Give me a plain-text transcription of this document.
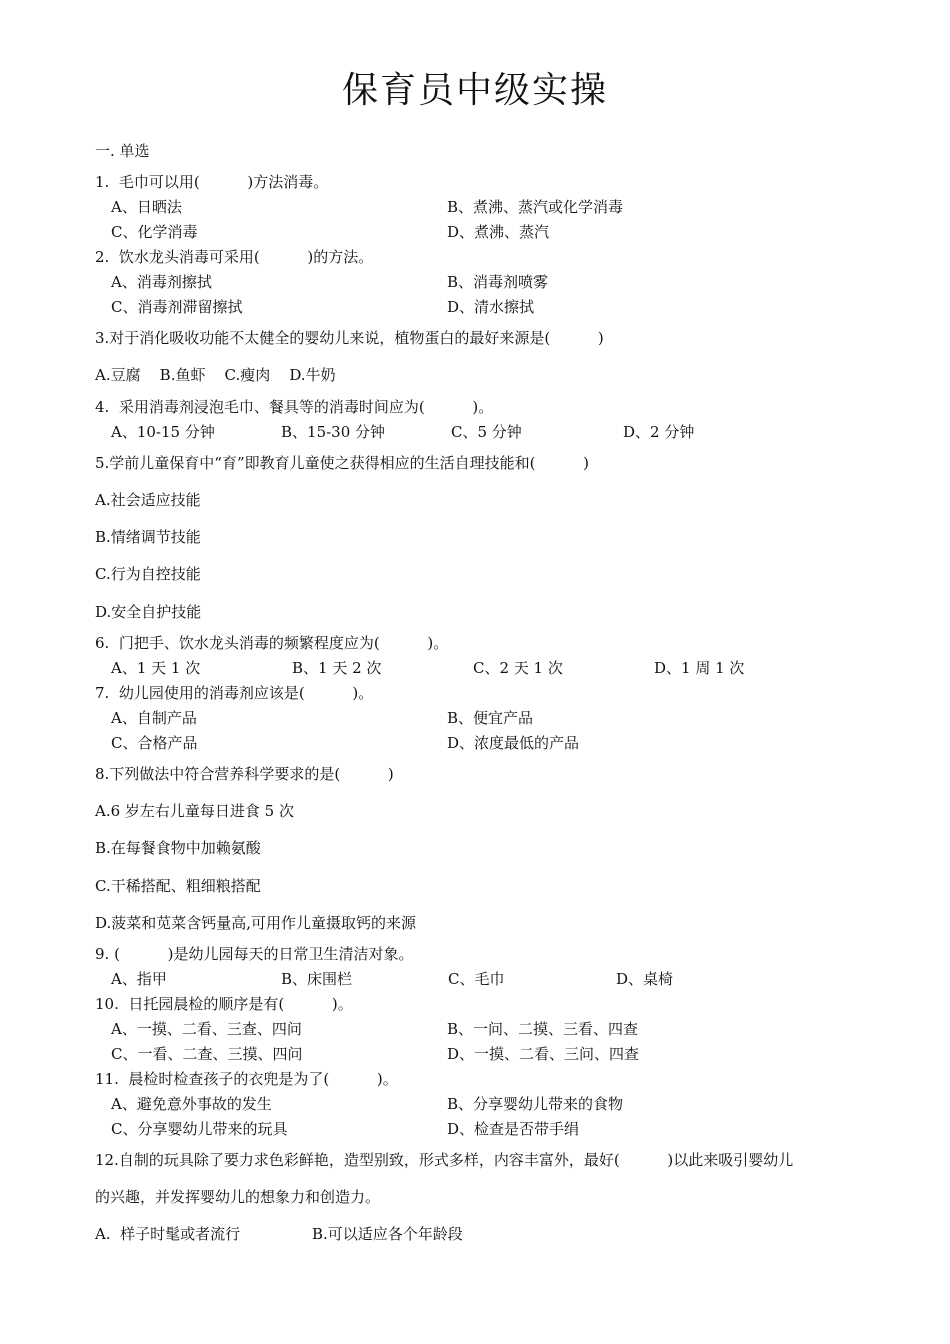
保育员中级实操
一. 单选
1.  毛巾可以用(          )方法消毒。
A、日晒法	B、煮沸、蒸汽或化学消毒
C、化学消毒	D、煮沸、蒸汽
2.  饮水龙头消毒可采用(          )的方法。
A、消毒剂擦拭	B、消毒剂喷雾
C、消毒剂滞留擦拭	D、清水擦拭
3.对于消化吸收功能不太健全的婴幼儿来说，植物蛋白的最好来源是(          )
A.豆腐    B.鱼虾    C.瘦肉    D.牛奶
4.  采用消毒剂浸泡毛巾、餐具等的消毒时间应为(          )。
A、10-15 分钟	B、15-30 分钟	C、5 分钟	D、2 分钟
5.学前儿童保育中“育”即教育儿童使之获得相应的生活自理技能和(          )
A.社会适应技能
B.情绪调节技能
C.行为自控技能
D.安全自护技能
6.  门把手、饮水龙头消毒的频繁程度应为(          )。
A、1 天 1 次	B、1 天 2 次	C、2 天 1 次	D、1 周 1 次
7.  幼儿园使用的消毒剂应该是(          )。
A、自制产品	B、便宜产品
C、合格产品	D、浓度最低的产品
8.下列做法中符合营养科学要求的是(          )
A.6 岁左右儿童每日进食 5 次
B.在每餐食物中加赖氨酸
C.干稀搭配、粗细粮搭配
D.菠菜和苋菜含钙量高,可用作儿童摄取钙的来源
9. (          )是幼儿园每天的日常卫生清洁对象。
A、指甲	B、床围栏	C、毛巾	D、桌椅
10.  日托园晨检的顺序是有(          )。
A、一摸、二看、三查、四问	B、一问、二摸、三看、四查
C、一看、二查、三摸、四问	D、一摸、二看、三问、四查
11.  晨检时检查孩子的衣兜是为了(          )。
A、避免意外事故的发生	B、分享婴幼儿带来的食物
C、分享婴幼儿带来的玩具	D、检查是否带手绢
12.自制的玩具除了要力求色彩鲜艳，造型别致，形式多样，内容丰富外，最好(          )以此来吸引婴幼儿
的兴趣，并发挥婴幼儿的想象力和创造力。
A.  样子时髦或者流行	B.可以适应各个年龄段
